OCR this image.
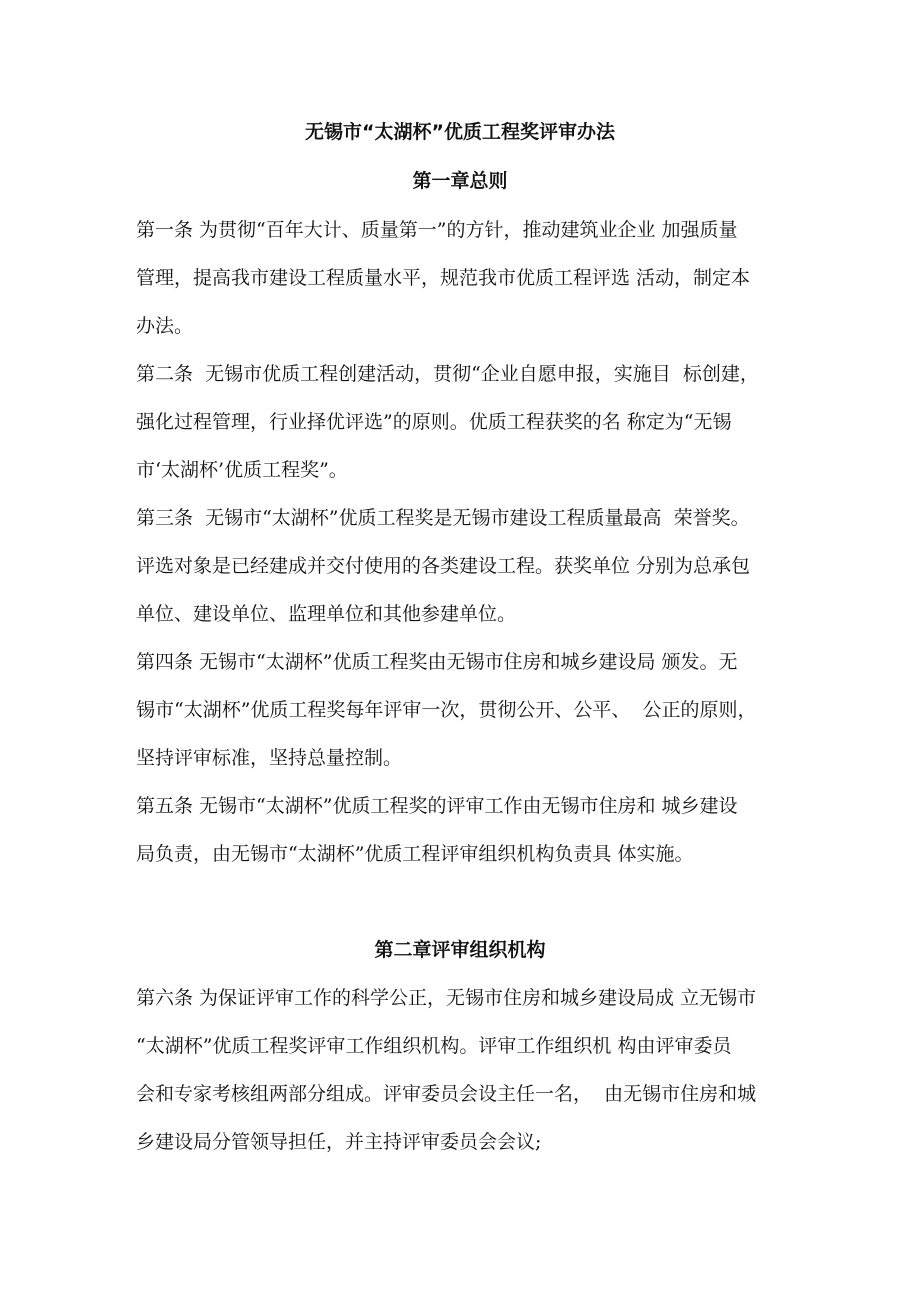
无锡市“太湖杯”优质工程奖评审办法
第一章总则
第一条 为贯彻“百年大计、质量第一”的方针，推动建筑业企业 加强质量
管理，提高我市建设工程质量水平，规范我市优质工程评选 活动，制定本
办法。
第二条  无锡市优质工程创建活动，贯彻“企业自愿申报，实施目  标创建，
强化过程管理，行业择优评选”的原则。优质工程获奖的名 称定为“无锡
市‘太湖杯’优质工程奖”。
第三条  无锡市“太湖杯”优质工程奖是无锡市建设工程质量最高  荣誉奖。
评选对象是已经建成并交付使用的各类建设工程。获奖单位 分别为总承包
单位、建设单位、监理单位和其他参建单位。
第四条 无锡市“太湖杯”优质工程奖由无锡市住房和城乡建设局 颁发。无
锡市“太湖杯”优质工程奖每年评审一次，贯彻公开、公平、  公正的原则，
坚持评审标准，坚持总量控制。
第五条 无锡市“太湖杯”优质工程奖的评审工作由无锡市住房和 城乡建设
局负责，由无锡市“太湖杯”优质工程评审组织机构负责具 体实施。
第二章评审组织机构
第六条 为保证评审工作的科学公正，无锡市住房和城乡建设局成 立无锡市
“太湖杯”优质工程奖评审工作组织机构。评审工作组织机 构由评审委员
会和专家考核组两部分组成。评审委员会设主任一名，  由无锡市住房和城
乡建设局分管领导担任，并主持评审委员会会议;
